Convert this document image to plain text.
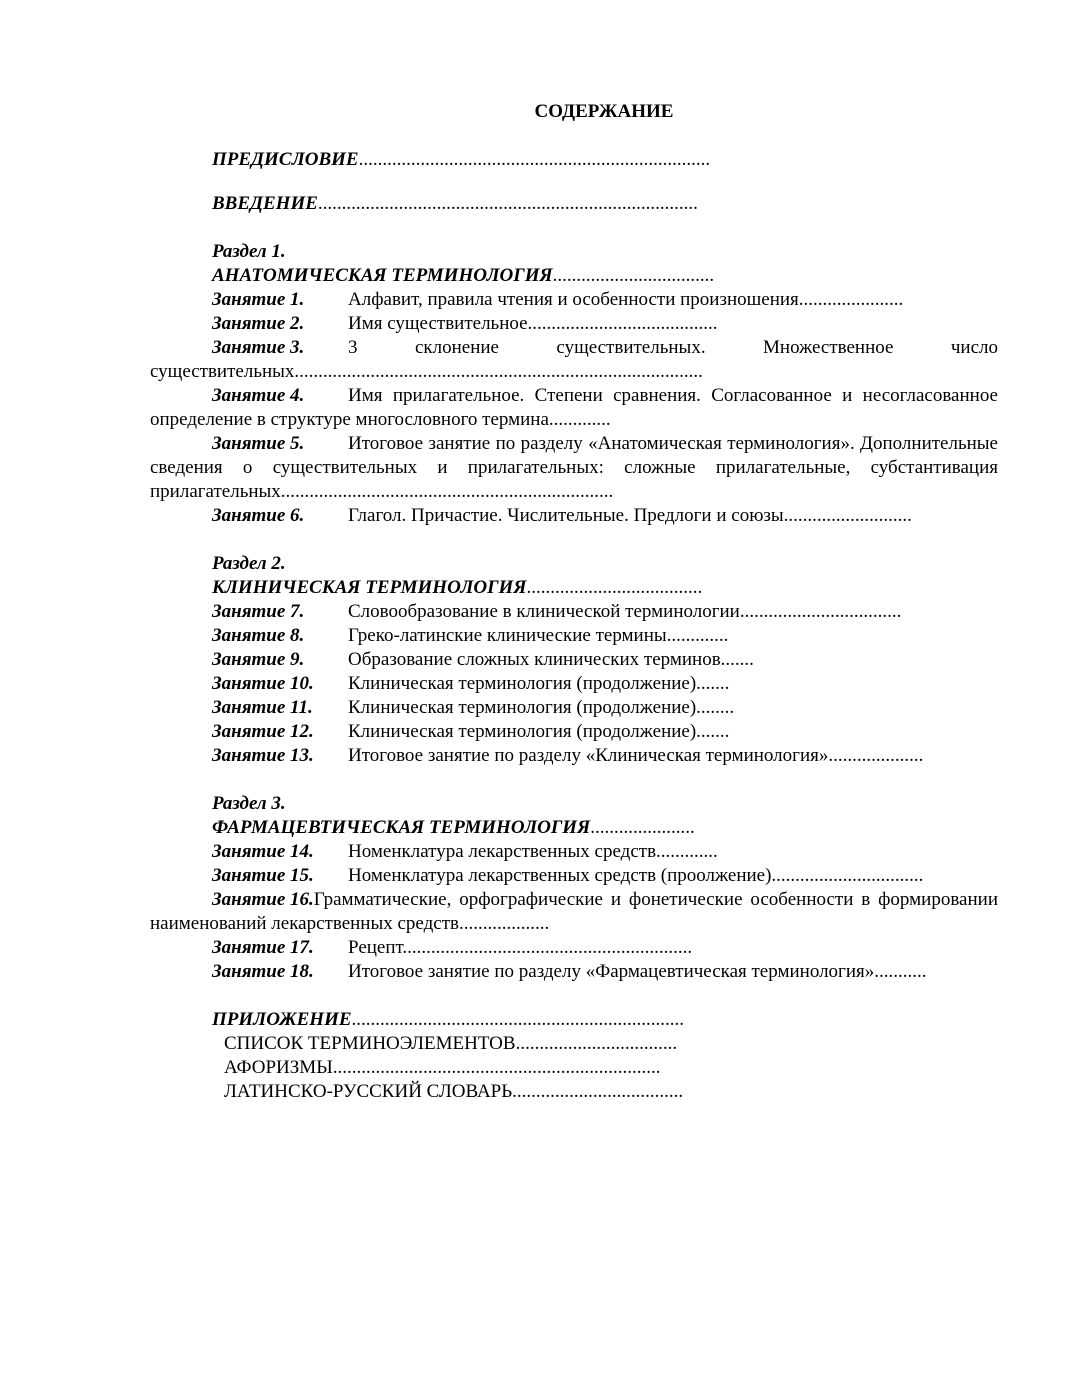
СОДЕРЖАНИЕ
ПРЕДИСЛОВИЕ..........................................................................
ВВЕДЕНИЕ................................................................................
Раздел 1.
АНАТОМИЧЕСКАЯ ТЕРМИНОЛОГИЯ..................................
Занятие 1.	Алфавит, правила чтения и особенности произношения......................
Занятие 2.	Имя существительное........................................
Занятие 3. 3 склонение существительных. Множественное число существительных......................................................................................
Занятие 4. Имя прилагательное. Степени сравнения. Согласованное и несогласованное определение в структуре многословного термина.............
Занятие 5. Итоговое занятие по разделу «Анатомическая терминология». Дополнительные сведения о существительных и прилагательных: сложные прилагательные, субстантивация прилагательных......................................................................
Занятие 6.	Глагол. Причастие. Числительные. Предлоги и союзы...........................
Раздел 2.
КЛИНИЧЕСКАЯ ТЕРМИНОЛОГИЯ.....................................
Занятие 7.	Словообразование в клинической терминологии..................................
Занятие 8.	Греко-латинские клинические термины.............
Занятие 9.	Образование сложных клинических терминов.......
Занятие 10.	Клиническая терминология (продолжение).......
Занятие 11.	Клиническая терминология (продолжение)........
Занятие 12.	Клиническая терминология (продолжение).......
Занятие 13.	Итоговое занятие по разделу «Клиническая терминология»....................
Раздел 3.
ФАРМАЦЕВТИЧЕСКАЯ ТЕРМИНОЛОГИЯ......................
Занятие 14.	Номенклатура лекарственных средств.............
Занятие 15.	Номенклатура лекарственных средств (проолжение)................................
Занятие 16.Грамматические, орфографические и фонетические особенности в формировании наименований лекарственных средств...................
Занятие 17.	Рецепт.............................................................
Занятие 18.	Итоговое занятие по разделу «Фармацевтическая терминология»...........
ПРИЛОЖЕНИЕ......................................................................
СПИСОК ТЕРМИНОЭЛЕМЕНТОВ..................................
АФОРИЗМЫ.....................................................................
ЛАТИНСКО-РУССКИЙ СЛОВАРЬ....................................
